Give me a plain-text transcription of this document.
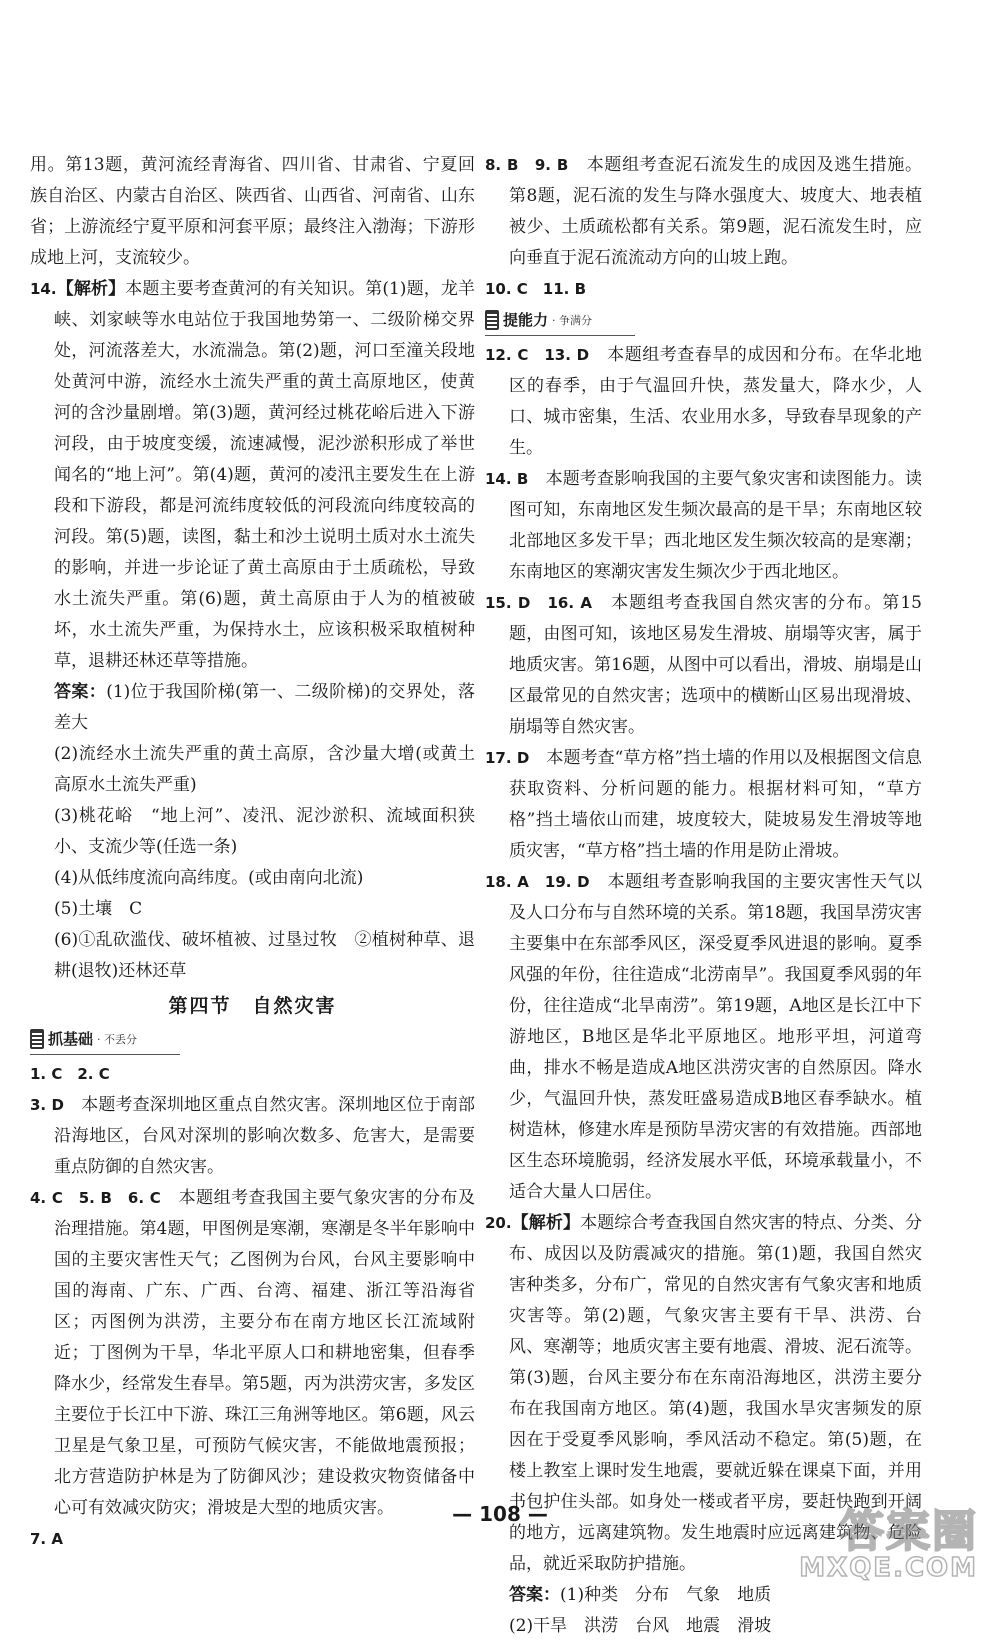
用。第13题，黄河流经青海省、四川省、甘肃省、宁夏回族自治区、内蒙古自治区、陕西省、山西省、河南省、山东省；上游流经宁夏平原和河套平原；最终注入渤海；下游形成地上河，支流较少。

14.【解析】本题主要考查黄河的有关知识。第(1)题，龙羊峡、刘家峡等水电站位于我国地势第一、二级阶梯交界处，河流落差大，水流湍急。第(2)题，河口至潼关段地处黄河中游，流经水土流失严重的黄土高原地区，使黄河的含沙量剧增。第(3)题，黄河经过桃花峪后进入下游河段，由于坡度变缓，流速减慢，泥沙淤积形成了举世闻名的“地上河”。第(4)题，黄河的凌汛主要发生在上游段和下游段，都是河流纬度较低的河段流向纬度较高的河段。第(5)题，读图，黏土和沙土说明土质对水土流失的影响，并进一步论证了黄土高原由于土质疏松，导致水土流失严重。第(6)题，黄土高原由于人为的植被破坏，水土流失严重，为保持水土，应该积极采取植树种草，退耕还林还草等措施。

答案：(1)位于我国阶梯(第一、二级阶梯)的交界处，落差大

(2)流经水土流失严重的黄土高原，含沙量大增(或黄土高原水土流失严重)

(3)桃花峪　“地上河”、凌汛、泥沙淤积、流域面积狭小、支流少等(任选一条)

(4)从低纬度流向高纬度。(或由南向北流)

(5)土壤　C

(6)①乱砍滥伐、破坏植被、过垦过牧　②植树种草、退耕(退牧)还林还草

第四节　自然灾害
抓基础 · 不丢分

1. C　2. C

3. D　 本题考查深圳地区重点自然灾害。深圳地区位于南部沿海地区，台风对深圳的影响次数多、危害大，是需要重点防御的自然灾害。

4. C　5. B　6. C　 本题组考查我国主要气象灾害的分布及治理措施。第4题，甲图例是寒潮，寒潮是冬半年影响中国的主要灾害性天气；乙图例为台风，台风主要影响中国的海南、广东、广西、台湾、福建、浙江等沿海省区；丙图例为洪涝，主要分布在南方地区长江流域附近；丁图例为干旱，华北平原人口和耕地密集，但春季降水少，经常发生春旱。第5题，丙为洪涝灾害，多发区主要位于长江中下游、珠江三角洲等地区。第6题，风云卫星是气象卫星，可预防气候灾害，不能做地震预报；北方营造防护林是为了防御风沙；建设救灾物资储备中心可有效减灾防灾；滑坡是大型的地质灾害。

7. A

8. B　9. B　 本题组考查泥石流发生的成因及逃生措施。第8题，泥石流的发生与降水强度大、坡度大、地表植被少、土质疏松都有关系。第9题，泥石流发生时，应向垂直于泥石流流动方向的山坡上跑。

10. C　11. B

提能力 · 争满分

12. C　13. D　 本题组考查春旱的成因和分布。在华北地区的春季，由于气温回升快，蒸发量大，降水少，人口、城市密集，生活、农业用水多，导致春旱现象的产生。

14. B　 本题考查影响我国的主要气象灾害和读图能力。读图可知，东南地区发生频次最高的是干旱；东南地区较北部地区多发干旱；西北地区发生频次较高的是寒潮；东南地区的寒潮灾害发生频次少于西北地区。

15. D　16. A　 本题组考查我国自然灾害的分布。第15题，由图可知，该地区易发生滑坡、崩塌等灾害，属于地质灾害。第16题，从图中可以看出，滑坡、崩塌是山区最常见的自然灾害；选项中的横断山区易出现滑坡、崩塌等自然灾害。

17. D　 本题考查“草方格”挡土墙的作用以及根据图文信息获取资料、分析问题的能力。根据材料可知，“草方格”挡土墙依山而建，坡度较大，陡坡易发生滑坡等地质灾害，“草方格”挡土墙的作用是防止滑坡。

18. A　19. D　 本题组考查影响我国的主要灾害性天气以及人口分布与自然环境的关系。第18题，我国旱涝灾害主要集中在东部季风区，深受夏季风进退的影响。夏季风强的年份，往往造成“北涝南旱”。我国夏季风弱的年份，往往造成“北旱南涝”。第19题，A地区是长江中下游地区，B地区是华北平原地区。地形平坦，河道弯曲，排水不畅是造成A地区洪涝灾害的自然原因。降水少，气温回升快，蒸发旺盛易造成B地区春季缺水。植树造林，修建水库是预防旱涝灾害的有效措施。西部地区生态环境脆弱，经济发展水平低，环境承载量小，不适合大量人口居住。

20.【解析】本题综合考查我国自然灾害的特点、分类、分布、成因以及防震减灾的措施。第(1)题，我国自然灾害种类多，分布广，常见的自然灾害有气象灾害和地质灾害等。第(2)题，气象灾害主要有干旱、洪涝、台风、寒潮等；地质灾害主要有地震、滑坡、泥石流等。第(3)题，台风主要分布在东南沿海地区，洪涝主要分布在我国南方地区。第(4)题，我国水旱灾害频发的原因在于受夏季风影响，季风活动不稳定。第(5)题，在楼上教室上课时发生地震，要就近躲在课桌下面，并用书包护住头部。如身处一楼或者平房，要赶快跑到开阔的地方，远离建筑物。发生地震时应远离建筑物、危险品，就近采取防护措施。

答案：(1)种类　分布　气象　地质

(2)干旱　洪涝　台风　地震　滑坡

— 108 —	答案圈
MXQE.COM
